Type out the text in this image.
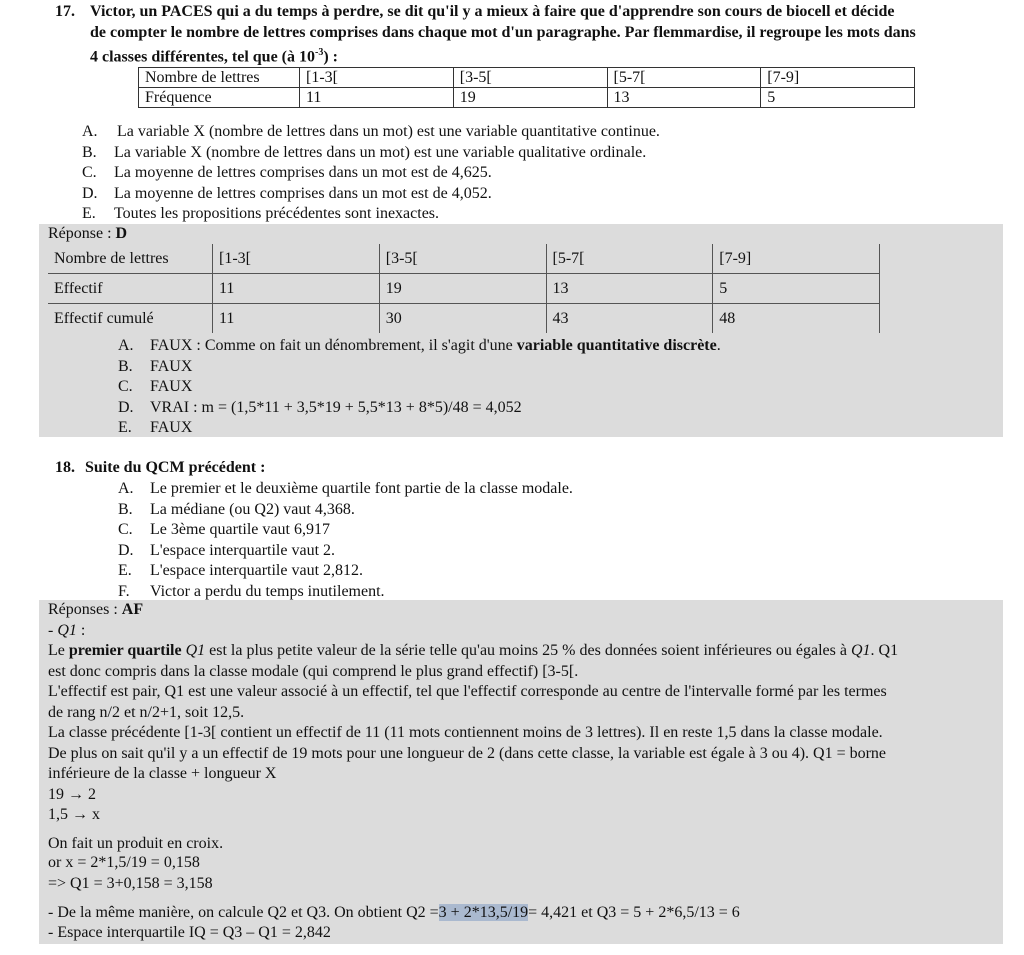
17. Victor, un PACES qui a du temps à perdre, se dit qu'il y a mieux à faire que d'apprendre son cours de biocell et décide
de compter le nombre de lettres comprises dans chaque mot d'un paragraphe. Par flemmardise, il regroupe les mots dans
4 classes différentes, tel que (à $10^{-3}$) :
Nombre de lettres	[1-3[	[3-5[	[5-7[	[7-9]
Fréquence	11	19	13	5
A. La variable X (nombre de lettres dans un mot) est une variable quantitative continue.
B. La variable X (nombre de lettres dans un mot) est une variable qualitative ordinale.
C. La moyenne de lettres comprises dans un mot est de 4,625.
D. La moyenne de lettres comprises dans un mot est de 4,052.
E. Toutes les propositions précédentes sont inexactes.
Réponse : D
Nombre de lettres	[1-3[	[3-5[	[5-7[	[7-9]
Effectif	11	19	13	5
Effectif cumulé	11	30	43	48
A. FAUX : Comme on fait un dénombrement, il s'agit d'une variable quantitative discrète.
B. FAUX
C. FAUX
D. VRAI : m = (1,5*11 + 3,5*19 + 5,5*13 + 8*5)/48 = 4,052
E. FAUX
18. Suite du QCM précédent :
A. Le premier et le deuxième quartile font partie de la classe modale.
B. La médiane (ou Q2) vaut 4,368.
C. Le 3ème quartile vaut 6,917
D. L'espace interquartile vaut 2.
E. L'espace interquartile vaut 2,812.
F. Victor a perdu du temps inutilement.
Réponses : AF
- Q1 :
Le premier quartile Q1 est la plus petite valeur de la série telle qu'au moins 25 % des données soient inférieures ou égales à Q1. Q1
est donc compris dans la classe modale (qui comprend le plus grand effectif) [3-5[.
L'effectif est pair, Q1 est une valeur associé à un effectif, tel que l'effectif corresponde au centre de l'intervalle formé par les termes
de rang n/2 et n/2+1, soit 12,5.
La classe précédente [1-3[ contient un effectif de 11 (11 mots contiennent moins de 3 lettres). Il en reste 1,5 dans la classe modale.
De plus on sait qu'il y a un effectif de 19 mots pour une longueur de 2 (dans cette classe, la variable est égale à 3 ou 4). Q1 = borne
inférieure de la classe + longueur X
19 → 2
1,5 → x
On fait un produit en croix.
or x = 2*1,5/19 = 0,158
=> Q1 = 3+0,158 = 3,158
- De la même manière, on calcule Q2 et Q3. On obtient Q2 =3 + 2*13,5/19= 4,421 et Q3 = 5 + 2*6,5/13 = 6
- Espace interquartile IQ = Q3 – Q1 = 2,842
